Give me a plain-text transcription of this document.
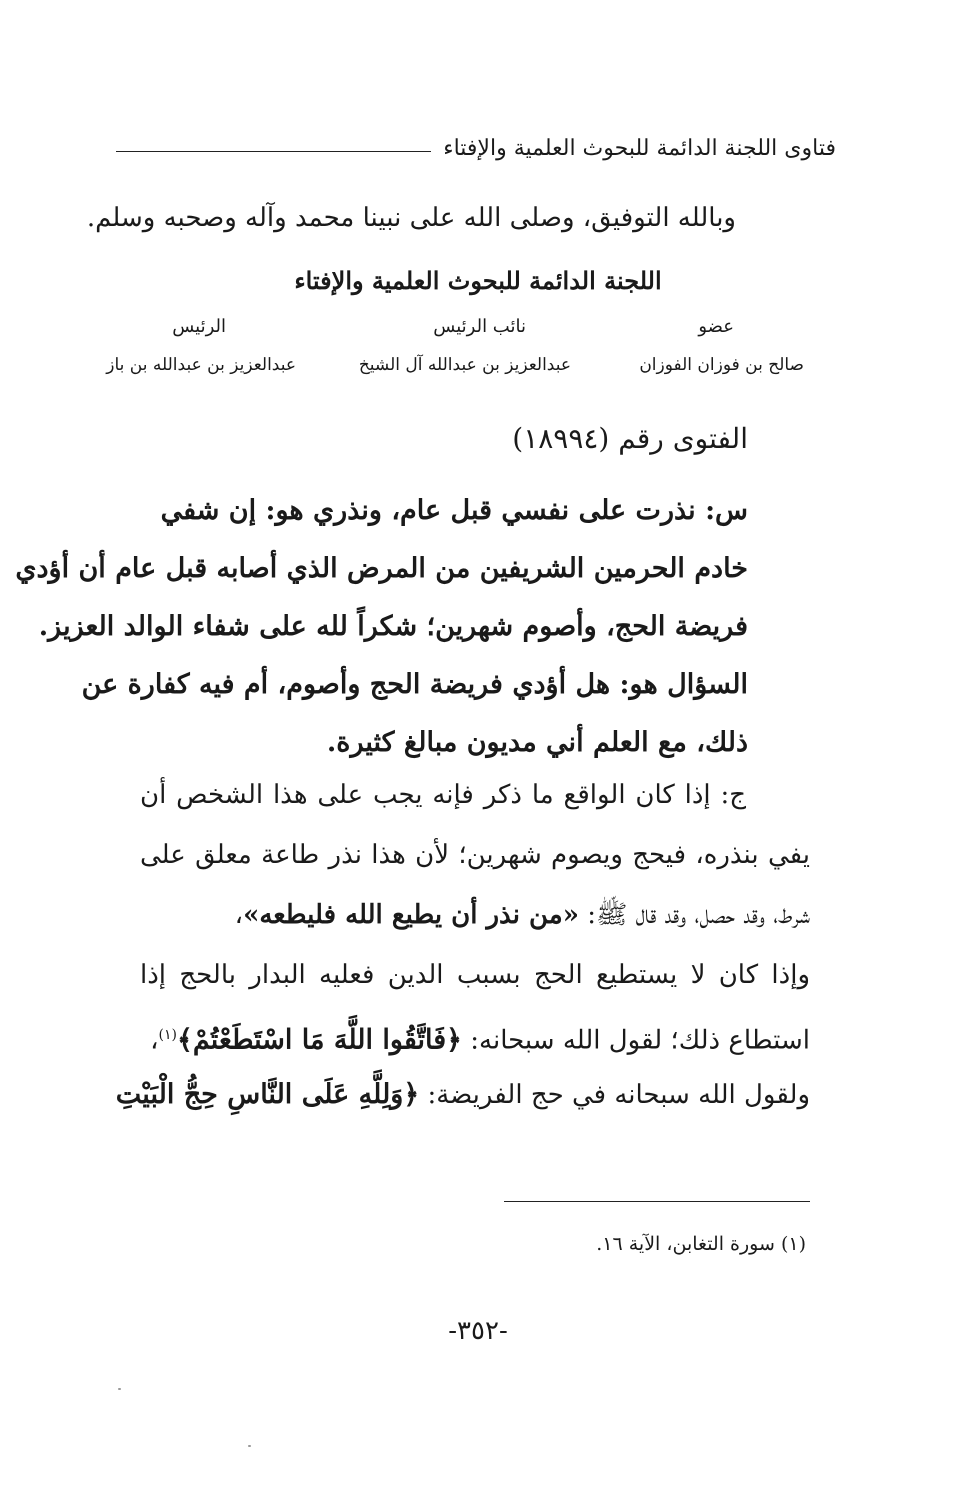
فتاوى اللجنة الدائمة للبحوث العلمية والإفتاء
وبالله التوفيق، وصلى الله على نبينا محمد وآله وصحبه وسلم.
اللجنة الدائمة للبحوث العلمية والإفتاء
عضو
نائب الرئيس
الرئيس
صالح بن فوزان الفوزان
عبدالعزيز بن عبدالله آل الشيخ
عبدالعزيز بن عبدالله بن باز
الفتوى رقم (١٨٩٩٤)
س: نذرت على نفسي قبل عام، ونذري هو: إن شفي
خادم الحرمين الشريفين من المرض الذي أصابه قبل عام أن أؤدي
فريضة الحج، وأصوم شهرين؛ شكراً لله على شفاء الوالد العزيز.
السؤال هو: هل أؤدي فريضة الحج وأصوم، أم فيه كفارة عن
ذلك، مع العلم أني مديون مبالغ كثيرة.
ج: إذا كان الواقع ما ذكر فإنه يجب على هذا الشخص أن
يفي بنذره، فيحج ويصوم شهرين؛ لأن هذا نذر طاعة معلق على
شرط، وقد حصل، وقد قال ﷺ: «من نذر أن يطيع الله فليطعه»،
وإذا كان لا يستطيع الحج بسبب الدين فعليه البدار بالحج إذا
استطاع ذلك؛ لقول الله سبحانه: ﴿فَاتَّقُوا اللَّهَ مَا اسْتَطَعْتُمْ﴾$^{(١)}$،
ولقول الله سبحانه في حج الفريضة: ﴿وَلِلَّهِ عَلَى النَّاسِ حِجُّ الْبَيْتِ
(١) سورة التغابن، الآية ١٦.
-٣٥٢-
